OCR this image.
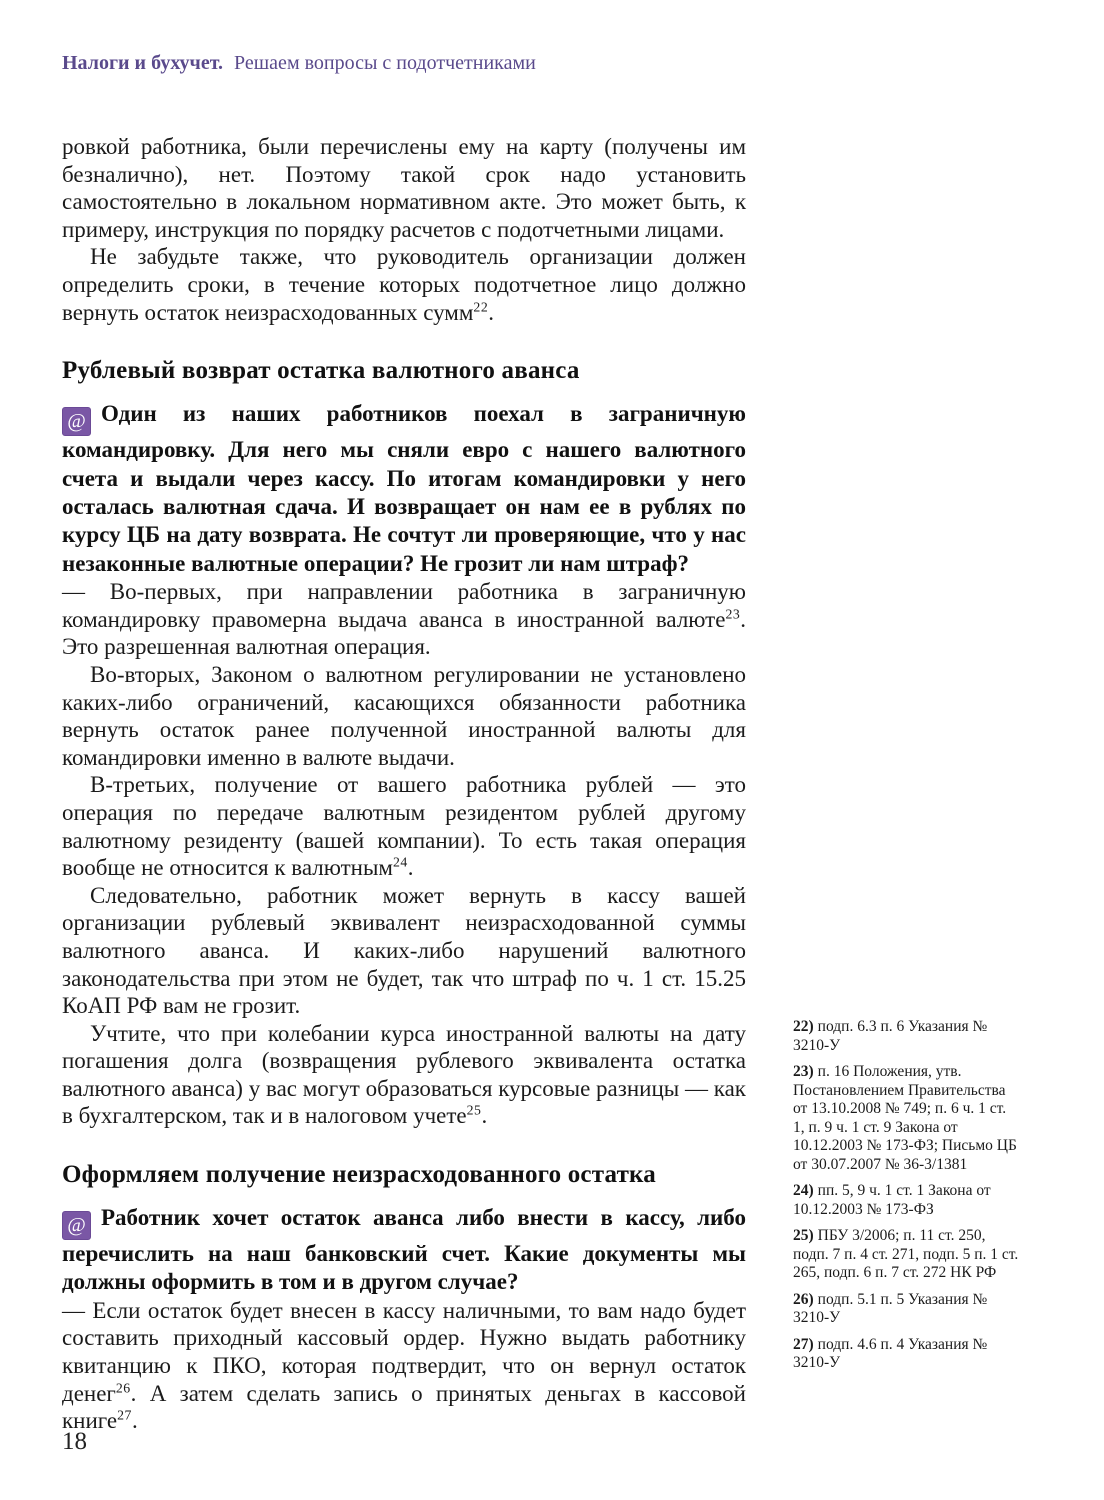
Налоги и бухучет. Решаем вопросы с подотчетниками

ровкой работника, были перечислены ему на карту (получены им безналично), нет. Поэтому такой срок надо установить самостоятельно в локальном нормативном акте. Это может быть, к примеру, инструкция по порядку расчетов с подотчетными лицами.

Не забудьте также, что руководитель организации должен определить сроки, в течение которых подотчетное лицо должно вернуть остаток неизрасходованных сумм$^{22}$.

Рублевый возврат остатка валютного аванса

@ Один из наших работников поехал в заграничную командировку. Для него мы сняли евро с нашего валютного счета и выдали через кассу. По итогам командировки у него осталась валютная сдача. И возвращает он нам ее в рублях по курсу ЦБ на дату возврата. Не сочтут ли проверяющие, что у нас незаконные валютные операции? Не грозит ли нам штраф?

— Во-первых, при направлении работника в заграничную командировку правомерна выдача аванса в иностранной валюте$^{23}$. Это разрешенная валютная операция.

Во-вторых, Законом о валютном регулировании не установлено каких-либо ограничений, касающихся обязанности работника вернуть остаток ранее полученной иностранной валюты для командировки именно в валюте выдачи.

В-третьих, получение от вашего работника рублей — это операция по передаче валютным резидентом рублей другому валютному резиденту (вашей компании). То есть такая операция вообще не относится к валютным$^{24}$.

Следовательно, работник может вернуть в кассу вашей организации рублевый эквивалент неизрасходованной суммы валютного аванса. И каких-либо нарушений валютного законодательства при этом не будет, так что штраф по ч. 1 ст. 15.25 КоАП РФ вам не грозит.

Учтите, что при колебании курса иностранной валюты на дату погашения долга (возвращения рублевого эквивалента остатка валютного аванса) у вас могут образоваться курсовые разницы — как в бухгалтерском, так и в налоговом учете$^{25}$.

Оформляем получение неизрасходованного остатка

@ Работник хочет остаток аванса либо внести в кассу, либо перечислить на наш банковский счет. Какие документы мы должны оформить в том и в другом случае?

— Если остаток будет внесен в кассу наличными, то вам надо будет составить приходный кассовый ордер. Нужно выдать работнику квитанцию к ПКО, которая подтвердит, что он вернул остаток денег$^{26}$. А затем сделать запись о принятых деньгах в кассовой книге$^{27}$.

22) подп. 6.3 п. 6 Указания № 3210-У

23) п. 16 Положения, утв. Постановлением Правительства от 13.10.2008 № 749; п. 6 ч. 1 ст. 1, п. 9 ч. 1 ст. 9 Закона от 10.12.2003 № 173-ФЗ; Письмо ЦБ от 30.07.2007 № 36-3/1381

24) пп. 5, 9 ч. 1 ст. 1 Закона от 10.12.2003 № 173-ФЗ

25) ПБУ 3/2006; п. 11 ст. 250, подп. 7 п. 4 ст. 271, подп. 5 п. 1 ст. 265, подп. 6 п. 7 ст. 272 НК РФ

26) подп. 5.1 п. 5 Указания № 3210-У

27) подп. 4.6 п. 4 Указания № 3210-У

18
